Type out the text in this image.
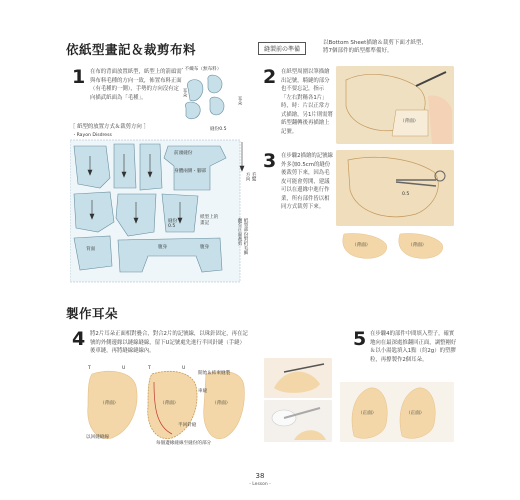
依紙型畫記＆裁剪布料	縫製前の準備
以Bottom Sheet描繪＆裁剪下面才紙型，
將7個部件的紙型都準備好。
1 在布的背面放置紙型，紙型上的箭頭需與布料毛種的方向一致，佈置布料正面（有毛種的一側），手勢的方向沒有定向描武紙面為「毛種」。
・不織布（無布料）
耳朵
耳朵
縫份0.5
［ 紙型的放置方式＆裁剪方向 ］
・Rayon Disdress
前頭縫份
身體兩側・腳部
背面	腹身	腹身
縫份
0.5
紙型上的
畫記
毛髮
方向
紙型部份對折毛細
翻至正面裁剪
2 在紙型周圍以筆描繪出記號，騎縫的部分也不要忘記，指示「左右對稱各1片」時，時：片以正常方式描繪，另1片則需將紙型翻轉後再描繪上記號。
（背面）
3 在步驟2描繪的記號線外多加0.5cm的縫份後裁剪下來，因為毛皮可能會剪開，建議可以在邊緣中進行作業，所有部件皆以相同方式裁剪下來。
0.5
（背面）	（背面）
製作耳朵
4 將2片耳朵正面相對疊合，對合2片的記號線，以珠針固定，再在記號的外側邊緣以縫線縫線，留下U記號處先進行半回針縫（手縫）後車縫，再將縫線縫線內。
T	U	T	U
（背面）	（背面）	（背面）
開始＆結束縫製
車縫
半回針縫
以回縫縫線
每個邊緣縫線至縫份的部分
5 在步驟4的部件中間填入塑子，確實地向在最深處推翻回正面，調整剛好＆以小湯匙填入1點（約2g）的塑膠粒，再撐製作2個耳朵。
（正面）	（正面）
38
- Lesson -
